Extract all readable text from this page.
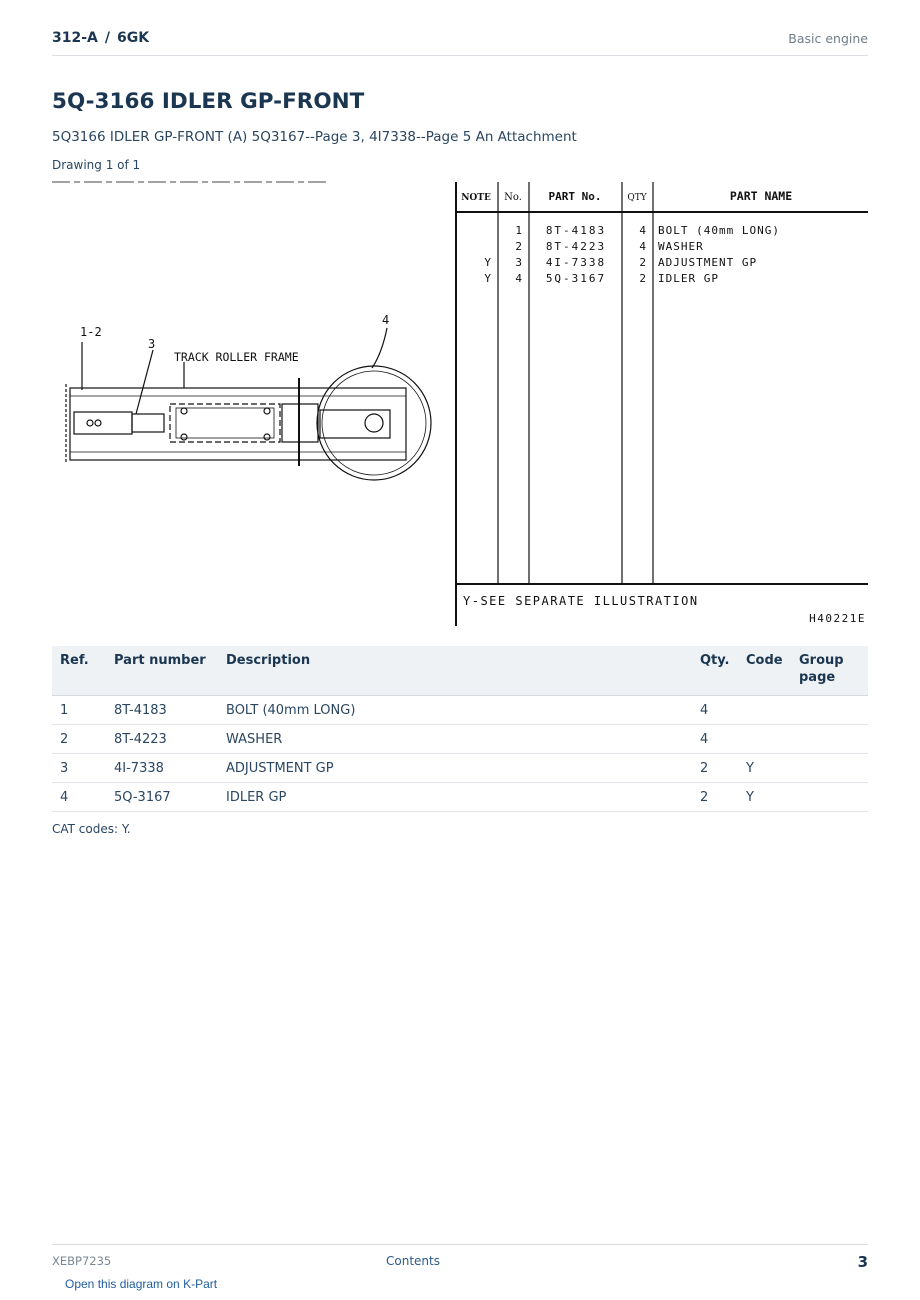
312-A / 6GK	Basic engine
5Q-3166 IDLER GP-FRONT
5Q3166 IDLER GP-FRONT (A) 5Q3167--Page 3, 4I7338--Page 5 An Attachment
Drawing 1 of 1
1-2
3
TRACK ROLLER FRAME
4
NOTE No. PART No.	QTY	PART NAME
1 8T-4183	4 BOLT (40mm LONG)
2 8T-4223	4 WASHER
Y 3 4I-7338	2 ADJUSTMENT GP
Y 4 5Q-3167	2 IDLER GP
Y-SEE SEPARATE ILLUSTRATION
H40221E
Ref.	Part number	Description	Qty.	Code	Group page
1	8T-4183	BOLT (40mm LONG)	4		
2	8T-4223	WASHER	4		
3	4I-7338	ADJUSTMENT GP	2	Y	
4	5Q-3167	IDLER GP	2	Y	
CAT codes: Y.
XEBP7235	Contents	3
Open this diagram on K-Part
